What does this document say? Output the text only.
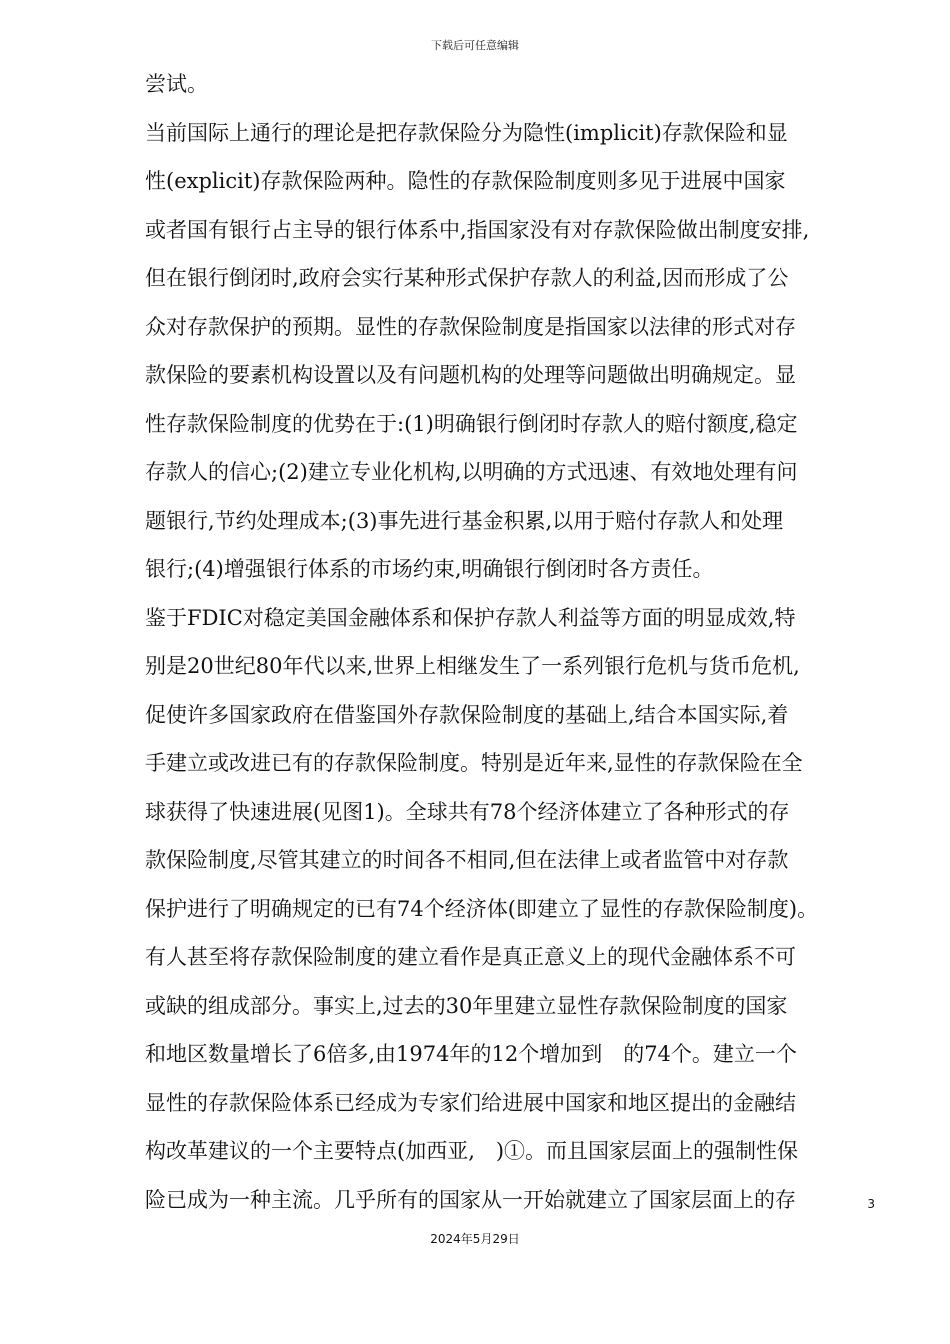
下载后可任意编辑
尝试。
当前国际上通行的理论是把存款保险分为隐性(implicit)存款保险和显
性(explicit)存款保险两种。隐性的存款保险制度则多见于进展中国家
或者国有银行占主导的银行体系中,指国家没有对存款保险做出制度安排,
但在银行倒闭时,政府会实行某种形式保护存款人的利益,因而形成了公
众对存款保护的预期。显性的存款保险制度是指国家以法律的形式对存
款保险的要素机构设置以及有问题机构的处理等问题做出明确规定。显
性存款保险制度的优势在于:(1)明确银行倒闭时存款人的赔付额度,稳定
存款人的信心;(2)建立专业化机构,以明确的方式迅速、有效地处理有问
题银行,节约处理成本;(3)事先进行基金积累,以用于赔付存款人和处理
银行;(4)增强银行体系的市场约束,明确银行倒闭时各方责任。
鉴于FDIC对稳定美国金融体系和保护存款人利益等方面的明显成效,特
别是20世纪80年代以来,世界上相继发生了一系列银行危机与货币危机,
促使许多国家政府在借鉴国外存款保险制度的基础上,结合本国实际,着
手建立或改进已有的存款保险制度。特别是近年来,显性的存款保险在全
球获得了快速进展(见图1)。全球共有78个经济体建立了各种形式的存
款保险制度,尽管其建立的时间各不相同,但在法律上或者监管中对存款
保护进行了明确规定的已有74个经济体(即建立了显性的存款保险制度)。
有人甚至将存款保险制度的建立看作是真正意义上的现代金融体系不可
或缺的组成部分。事实上,过去的30年里建立显性存款保险制度的国家
和地区数量增长了6倍多,由1974年的12个增加到　的74个。建立一个
显性的存款保险体系已经成为专家们给进展中国家和地区提出的金融结
构改革建议的一个主要特点(加西亚,　)①。而且国家层面上的强制性保
险已成为一种主流。几乎所有的国家从一开始就建立了国家层面上的存	3
2024年5月29日
